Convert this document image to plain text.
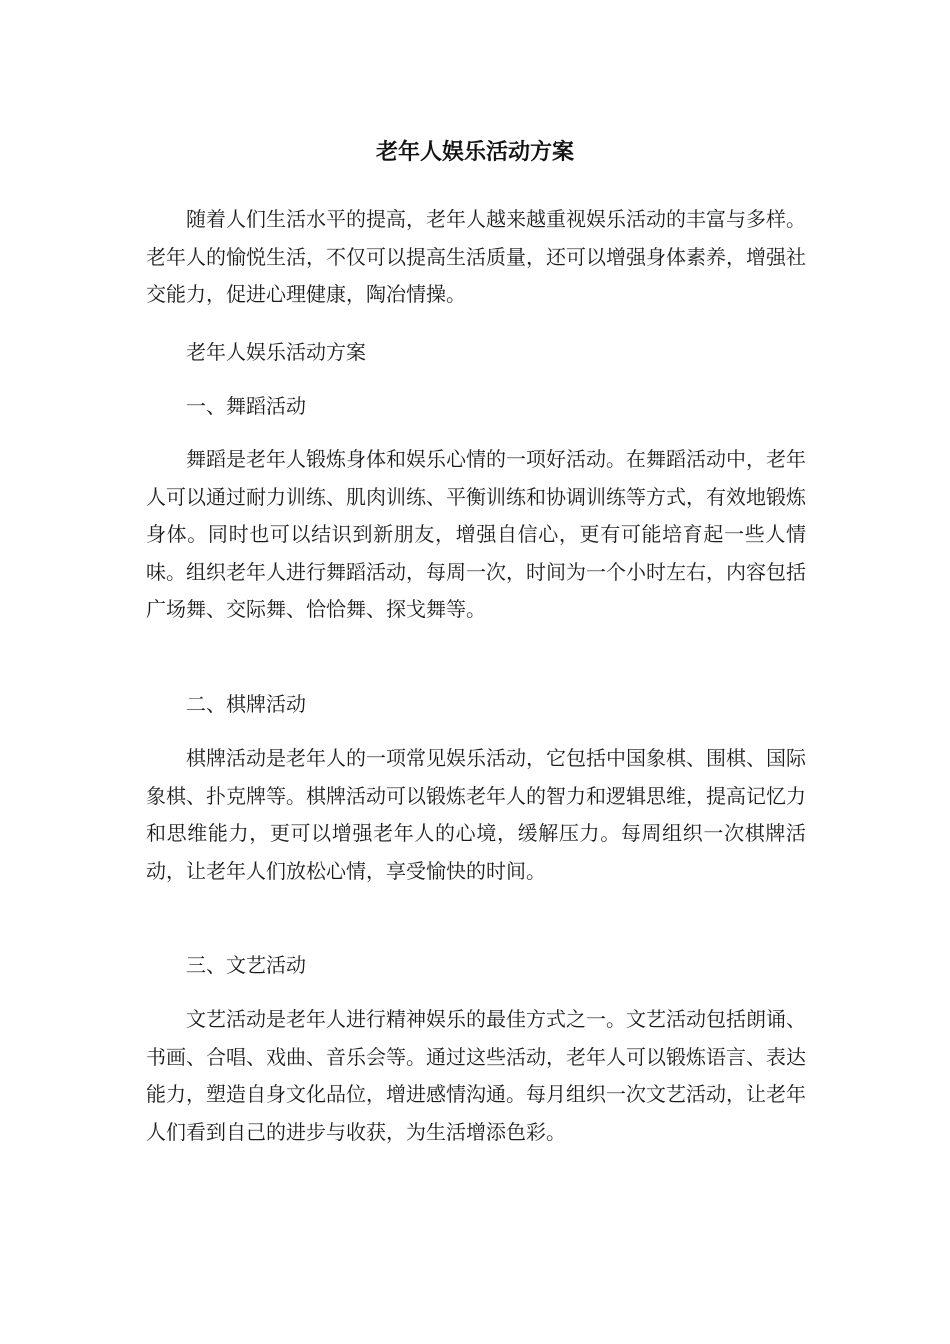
老年人娱乐活动方案

随着人们生活水平的提高，老年人越来越重视娱乐活动的丰富与多样。老年人的愉悦生活，不仅可以提高生活质量，还可以增强身体素养，增强社交能力，促进心理健康，陶冶情操。

老年人娱乐活动方案

一、舞蹈活动

舞蹈是老年人锻炼身体和娱乐心情的一项好活动。在舞蹈活动中，老年人可以通过耐力训练、肌肉训练、平衡训练和协调训练等方式，有效地锻炼身体。同时也可以结识到新朋友，增强自信心，更有可能培育起一些人情味。组织老年人进行舞蹈活动，每周一次，时间为一个小时左右，内容包括广场舞、交际舞、恰恰舞、探戈舞等。

二、棋牌活动

棋牌活动是老年人的一项常见娱乐活动，它包括中国象棋、围棋、国际象棋、扑克牌等。棋牌活动可以锻炼老年人的智力和逻辑思维，提高记忆力和思维能力，更可以增强老年人的心境，缓解压力。每周组织一次棋牌活动，让老年人们放松心情，享受愉快的时间。

三、文艺活动

文艺活动是老年人进行精神娱乐的最佳方式之一。文艺活动包括朗诵、书画、合唱、戏曲、音乐会等。通过这些活动，老年人可以锻炼语言、表达能力，塑造自身文化品位，增进感情沟通。每月组织一次文艺活动，让老年人们看到自己的进步与收获，为生活增添色彩。
